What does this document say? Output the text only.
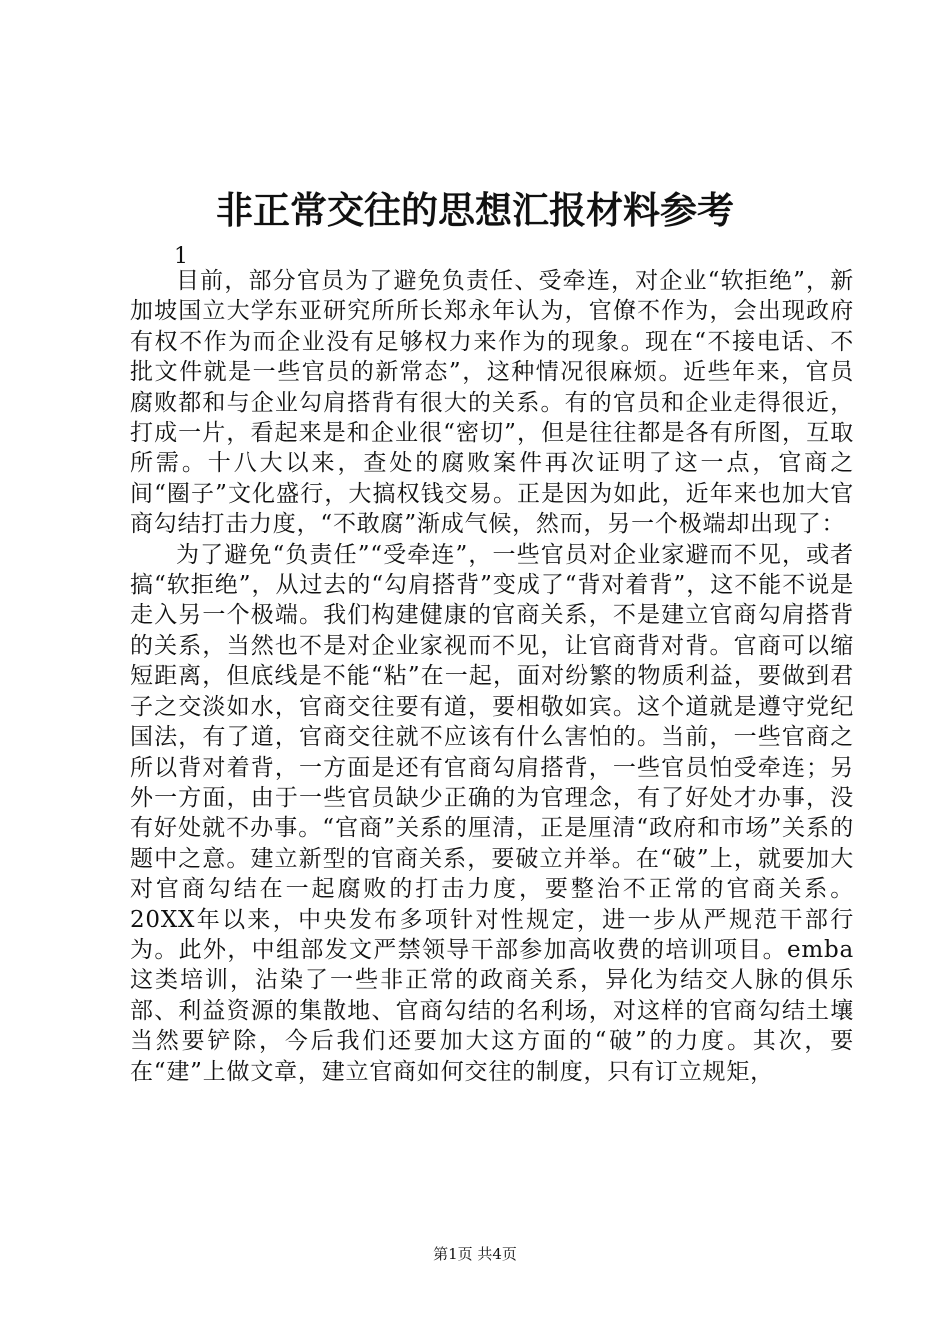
非正常交往的思想汇报材料参考
1

目前，部分官员为了避免负责任、受牵连，对企业“软拒绝”，新加坡国立大学东亚研究所所长郑永年认为，官僚不作为，会出现政府有权不作为而企业没有足够权力来作为的现象。现在“不接电话、不批文件就是一些官员的新常态”，这种情况很麻烦。近些年来，官员腐败都和与企业勾肩搭背有很大的关系。有的官员和企业走得很近，打成一片，看起来是和企业很“密切”，但是往往都是各有所图，互取所需。十八大以来，查处的腐败案件再次证明了这一点，官商之间“圈子”文化盛行，大搞权钱交易。正是因为如此，近年来也加大官商勾结打击力度，“不敢腐”渐成气候，然而，另一个极端却出现了：

为了避免“负责任”“受牵连”，一些官员对企业家避而不见，或者搞“软拒绝”，从过去的“勾肩搭背”变成了“背对着背”，这不能不说是走入另一个极端。我们构建健康的官商关系，不是建立官商勾肩搭背的关系，当然也不是对企业家视而不见，让官商背对背。官商可以缩短距离，但底线是不能“粘”在一起，面对纷繁的物质利益，要做到君子之交淡如水，官商交往要有道，要相敬如宾。这个道就是遵守党纪国法，有了道，官商交往就不应该有什么害怕的。当前，一些官商之所以背对着背，一方面是还有官商勾肩搭背，一些官员怕受牵连；另外一方面，由于一些官员缺少正确的为官理念，有了好处才办事，没有好处就不办事。“官商”关系的厘清，正是厘清“政府和市场”关系的题中之意。建立新型的官商关系，要破立并举。在“破”上，就要加大对官商勾结在一起腐败的打击力度，要整治不正常的官商关系。20XX年以来，中央发布多项针对性规定，进一步从严规范干部行为。此外，中组部发文严禁领导干部参加高收费的培训项目。emba这类培训，沾染了一些非正常的政商关系，异化为结交人脉的俱乐部、利益资源的集散地、官商勾结的名利场，对这样的官商勾结土壤当然要铲除，今后我们还要加大这方面的“破”的力度。其次，要在“建”上做文章，建立官商如何交往的制度，只有订立规矩，

第1页 共4页
